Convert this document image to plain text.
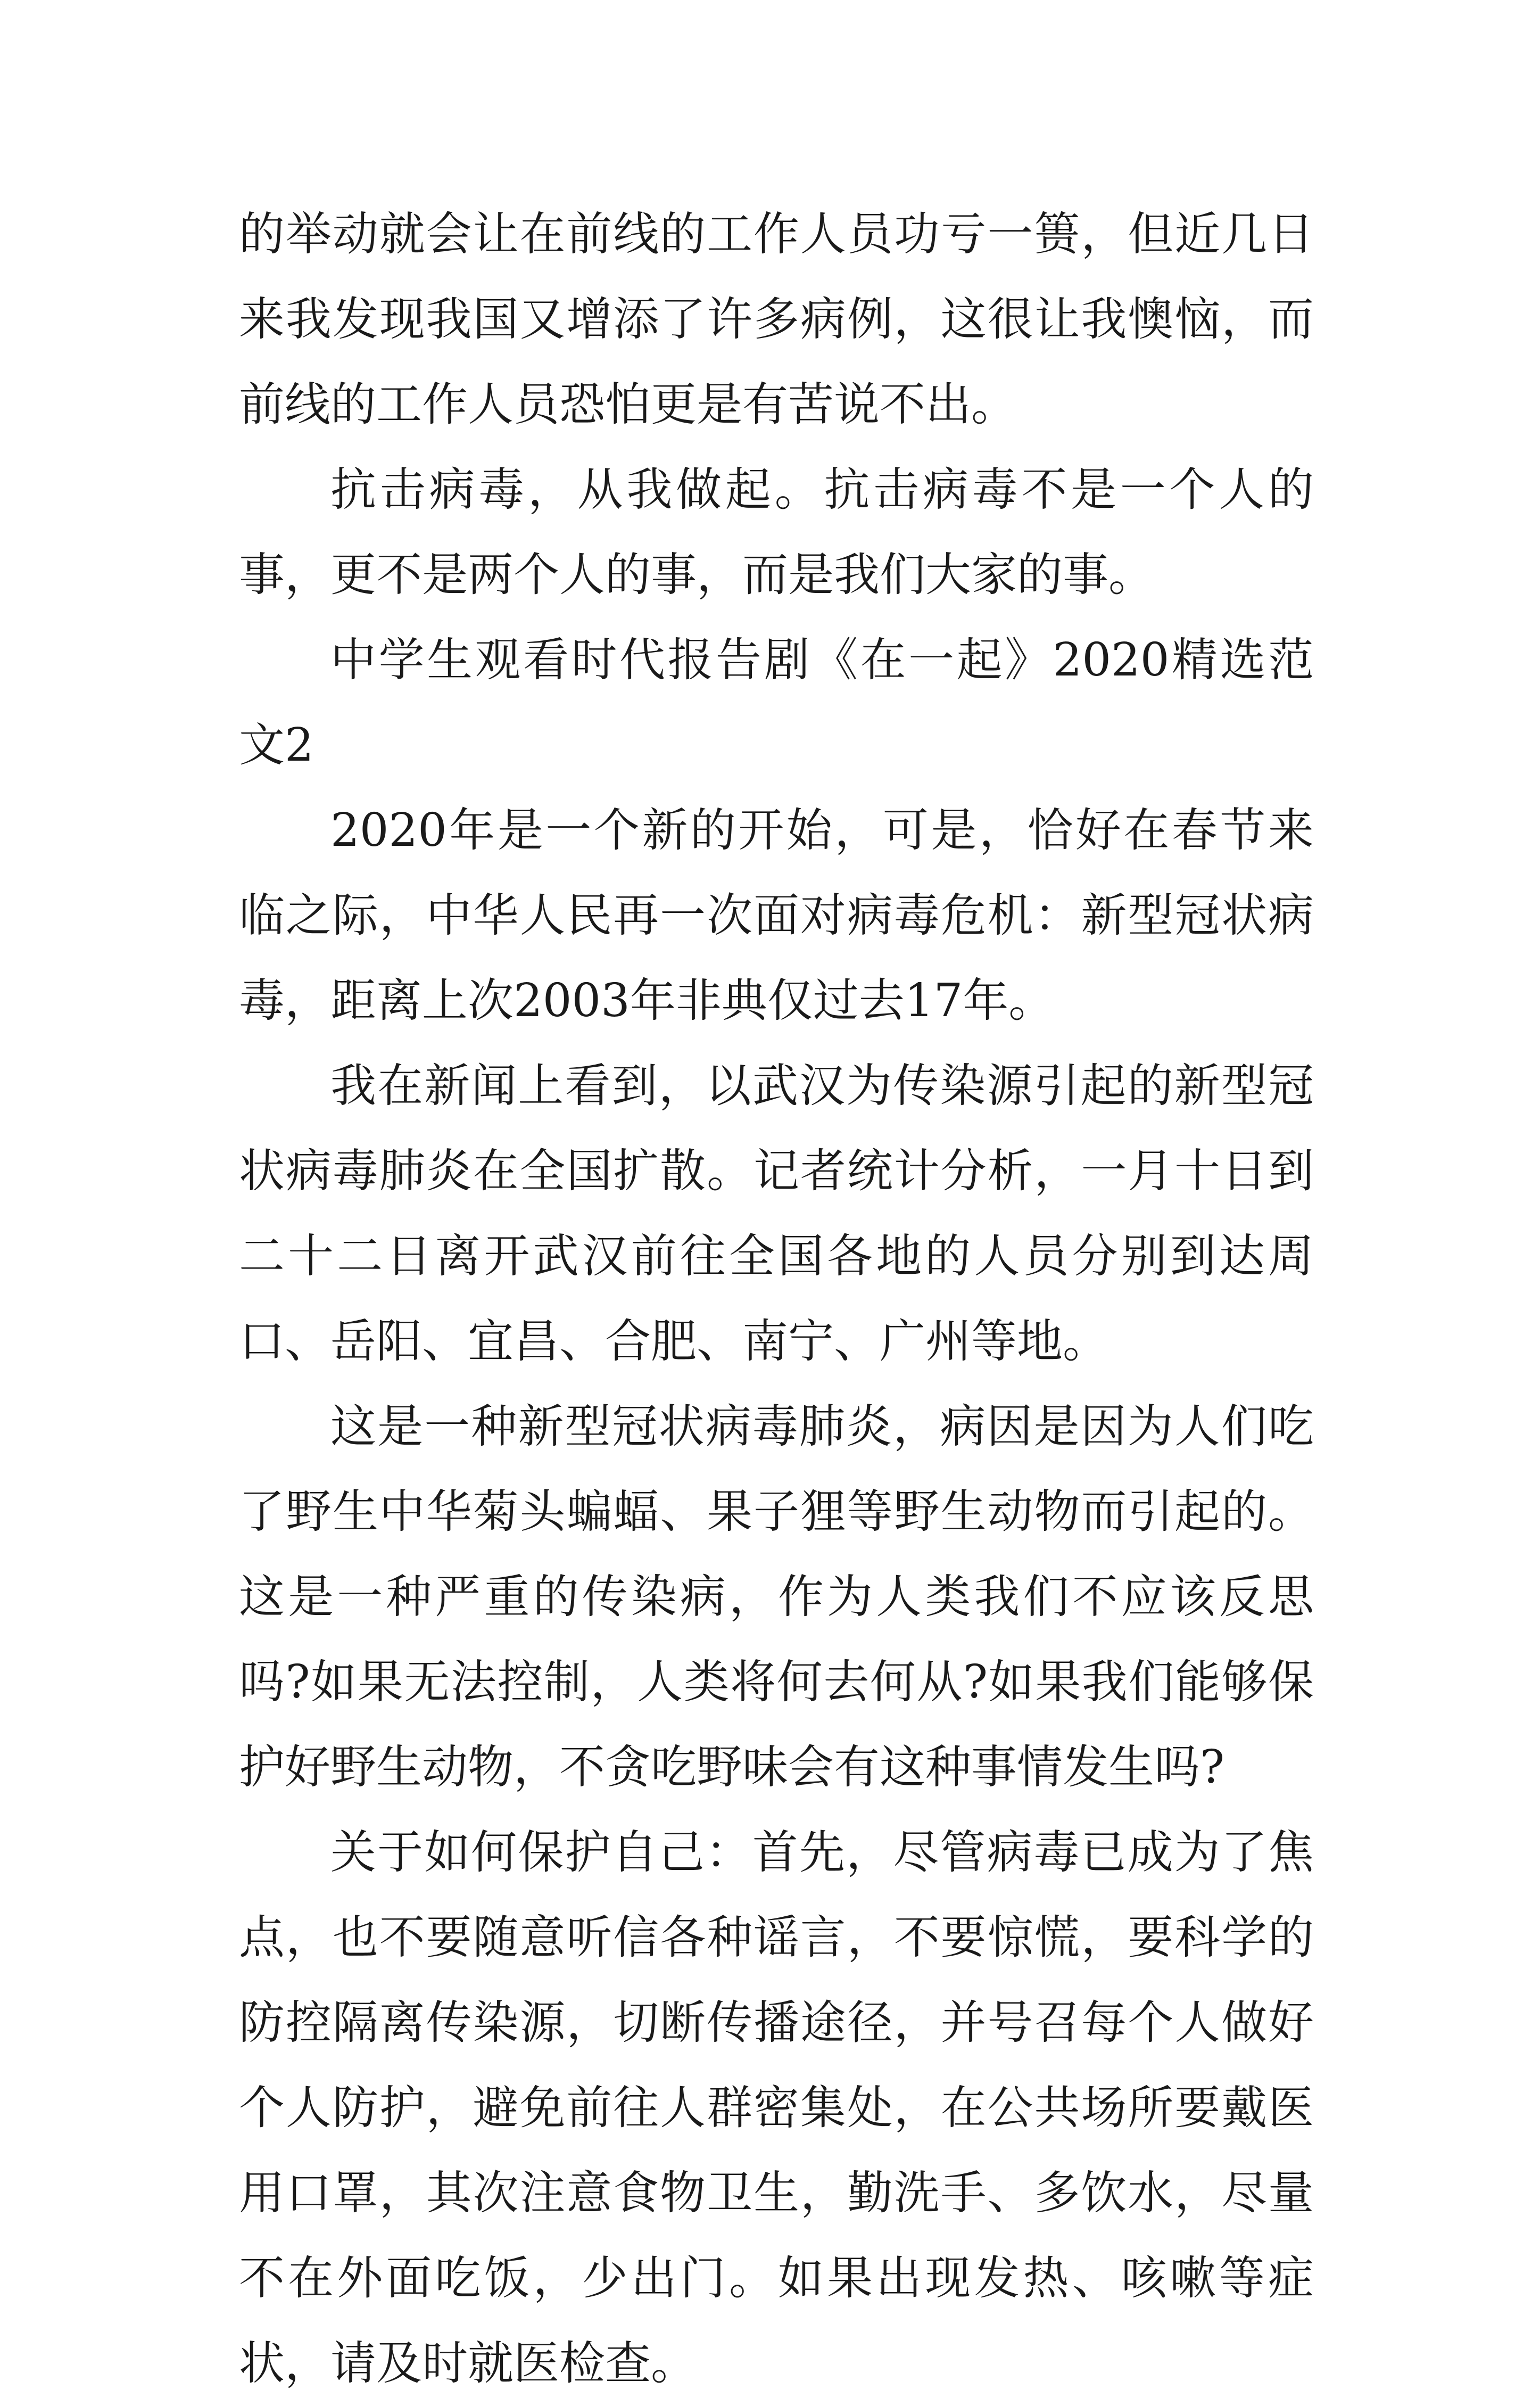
的举动就会让在前线的工作人员功亏一篑，但近几日来我发现我国又增添了许多病例，这很让我懊恼，而前线的工作人员恐怕更是有苦说不出。

抗击病毒，从我做起。抗击病毒不是一个人的事，更不是两个人的事，而是我们大家的事。

中学生观看时代报告剧《在一起》2020精选范文2

2020年是一个新的开始，可是，恰好在春节来临之际，中华人民再一次面对病毒危机：新型冠状病毒，距离上次2003年非典仅过去17年。

我在新闻上看到，以武汉为传染源引起的新型冠状病毒肺炎在全国扩散。记者统计分析，一月十日到二十二日离开武汉前往全国各地的人员分别到达周口、岳阳、宜昌、合肥、南宁、广州等地。

这是一种新型冠状病毒肺炎，病因是因为人们吃了野生中华菊头蝙蝠、果子狸等野生动物而引起的。这是一种严重的传染病，作为人类我们不应该反思吗?如果无法控制，人类将何去何从?如果我们能够保护好野生动物，不贪吃野味会有这种事情发生吗?

关于如何保护自己：首先，尽管病毒已成为了焦点，也不要随意听信各种谣言，不要惊慌，要科学的防控隔离传染源，切断传播途径，并号召每个人做好个人防护，避免前往人群密集处，在公共场所要戴医用口罩，其次注意食物卫生，勤洗手、多饮水，尽量不在外面吃饭，少出门。如果出现发热、咳嗽等症状，请及时就医检查。
